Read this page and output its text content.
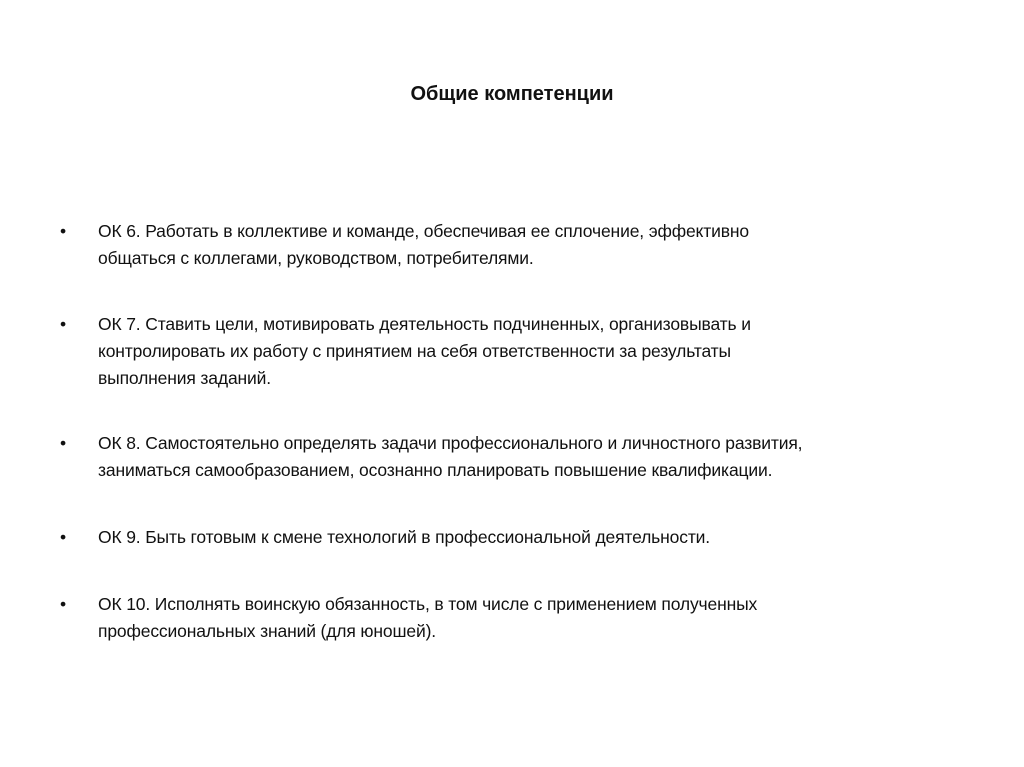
Общие компетенции
•	ОК 6. Работать в коллективе и команде, обеспечивая ее сплочение, эффективно
общаться с коллегами, руководством, потребителями.
•	ОК 7. Ставить цели, мотивировать деятельность подчиненных, организовывать и
контролировать их работу с принятием на себя ответственности за результаты
выполнения заданий.
•	ОК 8. Самостоятельно определять задачи профессионального и личностного развития,
заниматься самообразованием, осознанно планировать повышение квалификации.
•	ОК 9. Быть готовым к смене технологий в профессиональной деятельности.
•	ОК 10. Исполнять воинскую обязанность, в том числе с применением полученных
профессиональных знаний (для юношей).
